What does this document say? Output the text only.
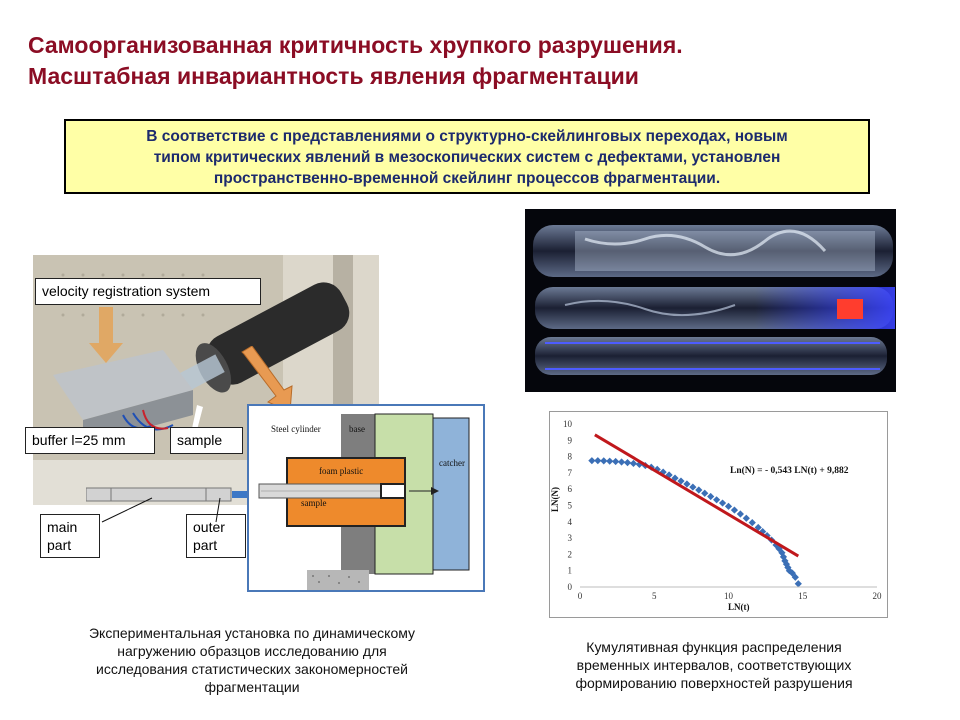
Самоорганизованная критичность хрупкого разрушения.
Масштабная инвариантность явления фрагментации
В соответствие с представлениями о структурно-скейлинговых переходах, новым
типом критических явлений в мезоскопических систем с дефектами, установлен
пространственно-временной скейлинг процессов фрагментации.
Steel cylinder	base
catcher
foam plastic
sample
velocity registration system
buffer l=25 mm	sample
main
part
outer
part
Экспериментальная установка по динамическому
нагружению образцов исследованию для
исследования статистических закономерностей
фрагментации
0
1
2
3
4
5
6
7
8
9
10
0	5	10	15	20
Ln(N) = - 0,543 LN(t) + 9,882
LN(t)
LN(N)
Кумулятивная функция распределения
временных интервалов, соответствующих
формированию поверхностей разрушения
